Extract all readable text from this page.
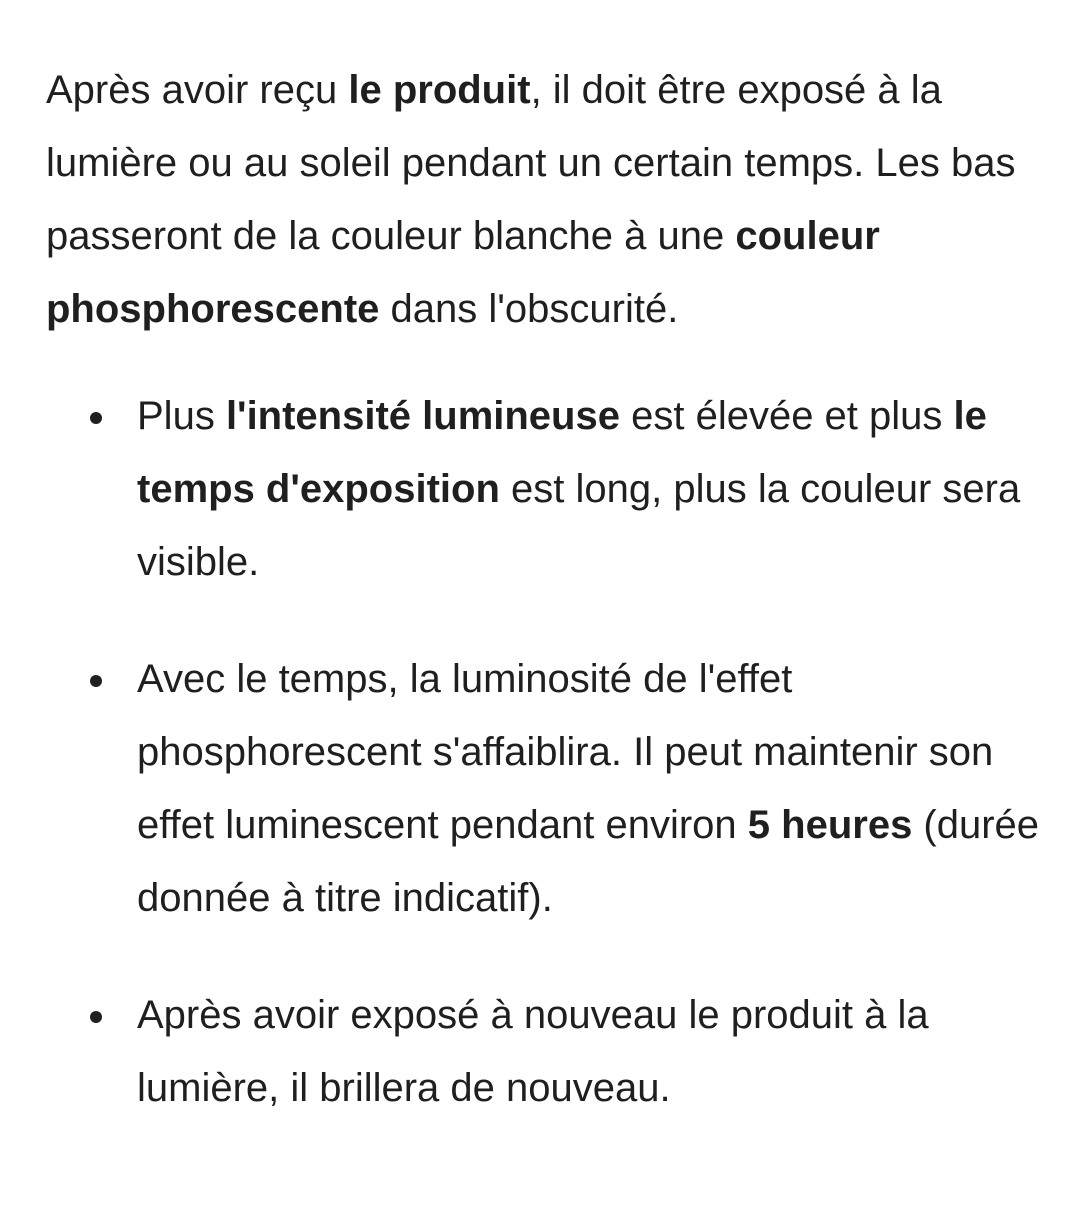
Après avoir reçu le produit, il doit être exposé à la lumière ou au soleil pendant un certain temps. Les bas passeront de la couleur blanche à une couleur phosphorescente dans l'obscurité.

Plus l'intensité lumineuse est élevée et plus le temps d'exposition est long, plus la couleur sera visible.
Avec le temps, la luminosité de l'effet phosphorescent s'affaiblira. Il peut maintenir son effet luminescent pendant environ 5 heures (durée donnée à titre indicatif).
Après avoir exposé à nouveau le produit à la lumière, il brillera de nouveau.
